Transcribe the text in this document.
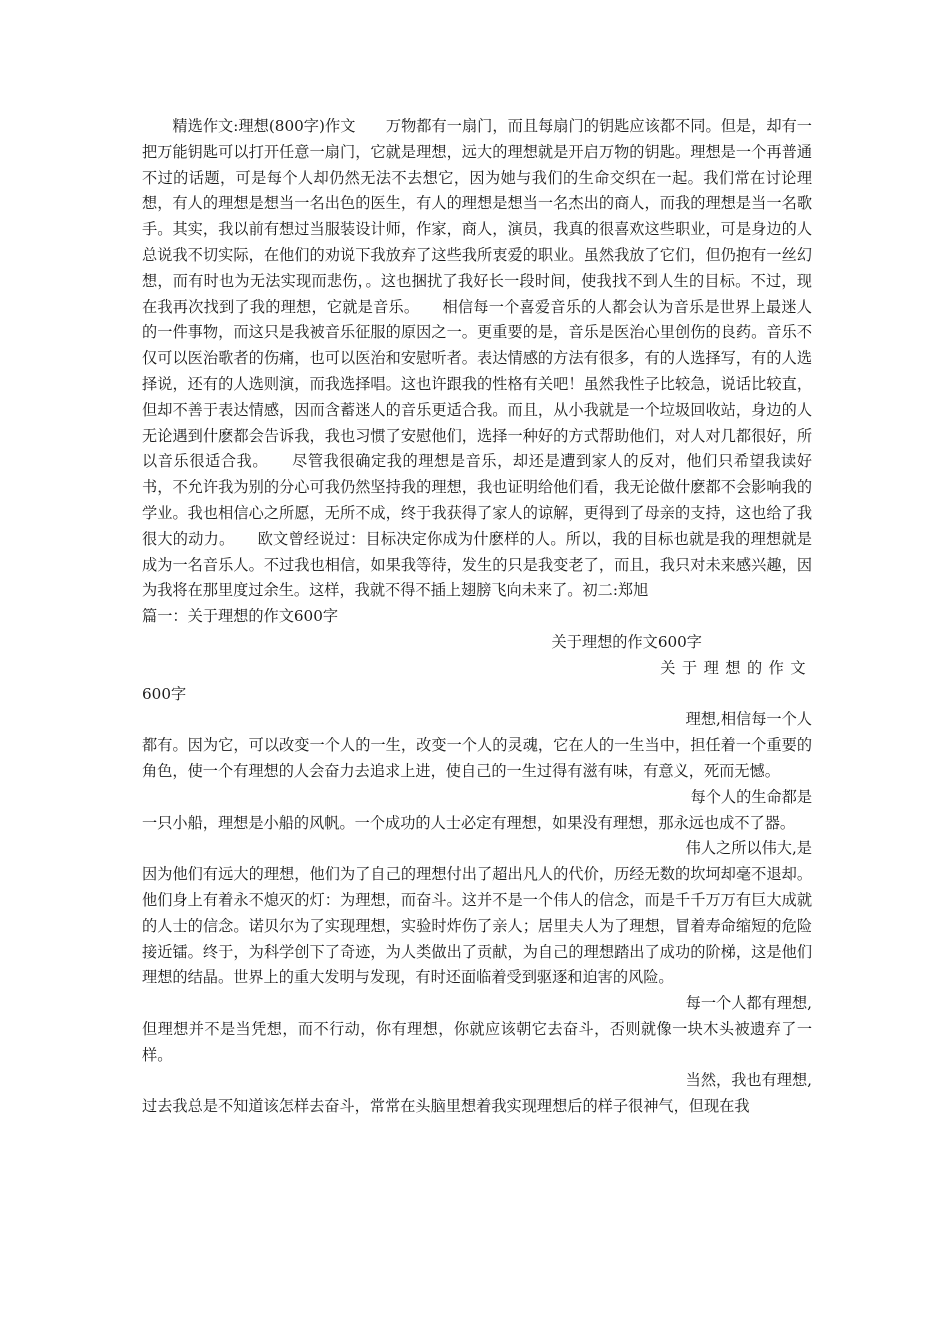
精选作文:理想(800字)作文　　万物都有一扇门，而且每扇门的钥匙应该都不同。但是，却有一把万能钥匙可以打开任意一扇门，它就是理想，远大的理想就是开启万物的钥匙。理想是一个再普通不过的话题，可是每个人却仍然无法不去想它，因为她与我们的生命交织在一起。我们常在讨论理想，有人的理想是想当一名出色的医生，有人的理想是想当一名杰出的商人，而我的理想是当一名歌手。其实，我以前有想过当服装设计师，作家，商人，演员，我真的很喜欢这些职业，可是身边的人总说我不切实际，在他们的劝说下我放弃了这些我所衷爱的职业。虽然我放了它们，但仍抱有一丝幻想，而有时也为无法实现而悲伤，。这也捆扰了我好长一段时间，使我找不到人生的目标。不过，现在我再次找到了我的理想，它就是音乐。　　相信每一个喜爱音乐的人都会认为音乐是世界上最迷人的一件事物，而这只是我被音乐征服的原因之一。更重要的是，音乐是医治心里创伤的良药。音乐不仅可以医治歌者的伤痛，也可以医治和安慰听者。表达情感的方法有很多，有的人选择写，有的人选择说，还有的人选则演，而我选择唱。这也许跟我的性格有关吧！虽然我性子比较急，说话比较直，但却不善于表达情感，因而含蓄迷人的音乐更适合我。而且，从小我就是一个垃圾回收站，身边的人无论遇到什麽都会告诉我，我也习惯了安慰他们，选择一种好的方式帮助他们，对人对几都很好，所以音乐很适合我。　　尽管我很确定我的理想是音乐，却还是遭到家人的反对，他们只希望我读好书，不允许我为别的分心可我仍然坚持我的理想，我也证明给他们看，我无论做什麽都不会影响我的学业。我也相信心之所愿，无所不成，终于我获得了家人的谅解，更得到了母亲的支持，这也给了我很大的动力。　　欧文曾经说过：目标决定你成为什麽样的人。所以，我的目标也就是我的理想就是成为一名音乐人。不过我也相信，如果我等待，发生的只是我变老了，而且，我只对未来感兴趣，因为我将在那里度过余生。这样，我就不得不插上翅膀飞向未来了。初二:郑旭

篇一：关于理想的作文600字

关于理想的作文600字

关于理想的作文

600字

理想,相信每一个人

都有。因为它，可以改变一个人的一生，改变一个人的灵魂，它在人的一生当中，担任着一个重要的角色，使一个有理想的人会奋力去追求上进，使自己的一生过得有滋有味，有意义，死而无憾。

每个人的生命都是

一只小船，理想是小船的风帆。一个成功的人士必定有理想，如果没有理想，那永远也成不了器。

伟人之所以伟大,是

因为他们有远大的理想，他们为了自己的理想付出了超出凡人的代价，历经无数的坎坷却毫不退却。他们身上有着永不熄灭的灯：为理想，而奋斗。这并不是一个伟人的信念，而是千千万万有巨大成就的人士的信念。诺贝尔为了实现理想，实验时炸伤了亲人；居里夫人为了理想，冒着寿命缩短的危险接近镭。终于，为科学创下了奇迹，为人类做出了贡献，为自己的理想踏出了成功的阶梯，这是他们理想的结晶。世界上的重大发明与发现，有时还面临着受到驱逐和迫害的风险。

每一个人都有理想,

但理想并不是当凭想，而不行动，你有理想，你就应该朝它去奋斗，否则就像一块木头被遗弃了一样。

当然，我也有理想,

过去我总是不知道该怎样去奋斗，常常在头脑里想着我实现理想后的样子很神气，但现在我
